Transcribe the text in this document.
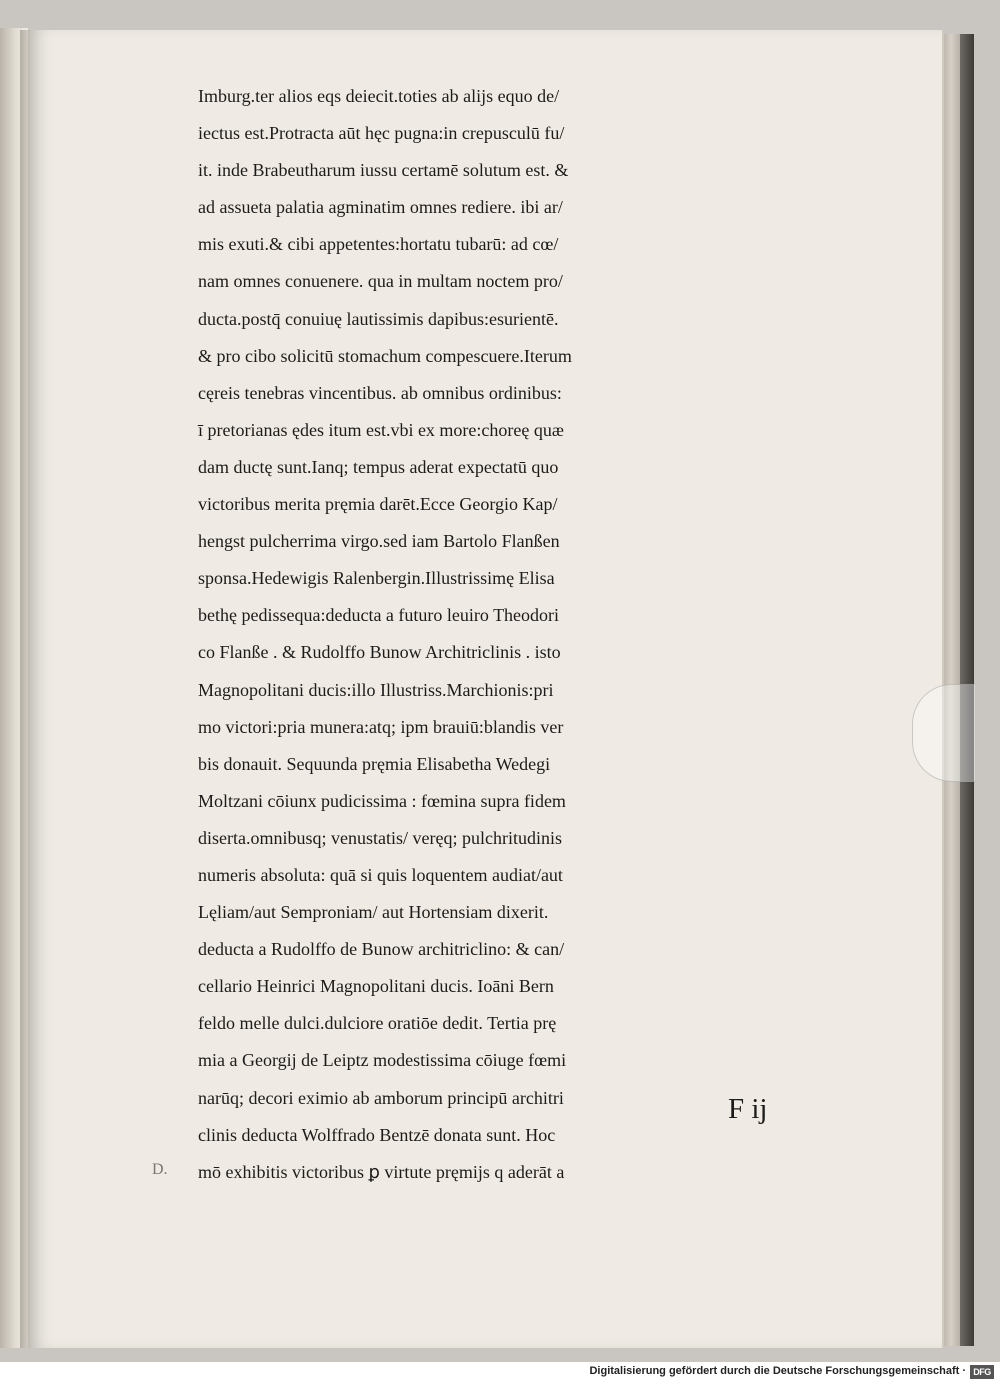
Imburg.ter alios eqs deiecit.toties ab alijs equo de/
iectus est.Protracta aūt hęc pugna:in crepusculū fu/
it. inde Brabeutharum iussu certamē solutum est. &
ad assueta palatia agminatim omnes rediere. ibi ar/
mis exuti.& cibi appetentes:hortatu tubarū: ad cœ/
nam omnes conuenere. qua in multam noctem pro/
ducta.postq̄ conuiuę lautissimis dapibus:esurientē.
& pro cibo solicitū stomachum compescuere.Iterum
cęreis tenebras vincentibus. ab omnibus ordinibus:
ī pretorianas ędes itum est.vbi ex more:choreę quæ
dam ductę sunt.Ianq; tempus aderat expectatū quo
victoribus merita pręmia darēt.Ecce Georgio Kap/
hengst pulcherrima virgo.sed iam Bartolo Flanßen
sponsa.Hedewigis Ralenbergin.Illustrissimę Elisa
bethę pedissequa:deducta a futuro leuiro Theodori
co Flanße . & Rudolffo Bunow Architriclinis . isto
Magnopolitani ducis:illo Illustriss.Marchionis:pri
mo victori:pria munera:atq; ipm brauiū:blandis ver
bis donauit. Sequunda pręmia Elisabetha Wedegi
Moltzani cōiunx pudicissima : fœmina supra fidem
diserta.omnibusq; venustatis/ veręq; pulchritudinis
numeris absoluta: quā si quis loquentem audiat/aut
Lęliam/aut Semproniam/ aut Hortensiam dixerit.
deducta a Rudolffo de Bunow architriclino: & can/
cellario Heinrici Magnopolitani ducis. Ioāni Bern
feldo melle dulci.dulciore oratiōe dedit. Tertia prę
mia a Georgij de Leiptz modestissima cōiuge fœmi
narūq; decori eximio ab amborum principū architri
clinis deducta Wolffrado Bentzē donata sunt. Hoc
mō exhibitis victoribus ꝑ virtute pręmijs q aderāt a
F ij
D.
Digitalisierung gefördert durch die Deutsche Forschungsgemeinschaft · DFG
